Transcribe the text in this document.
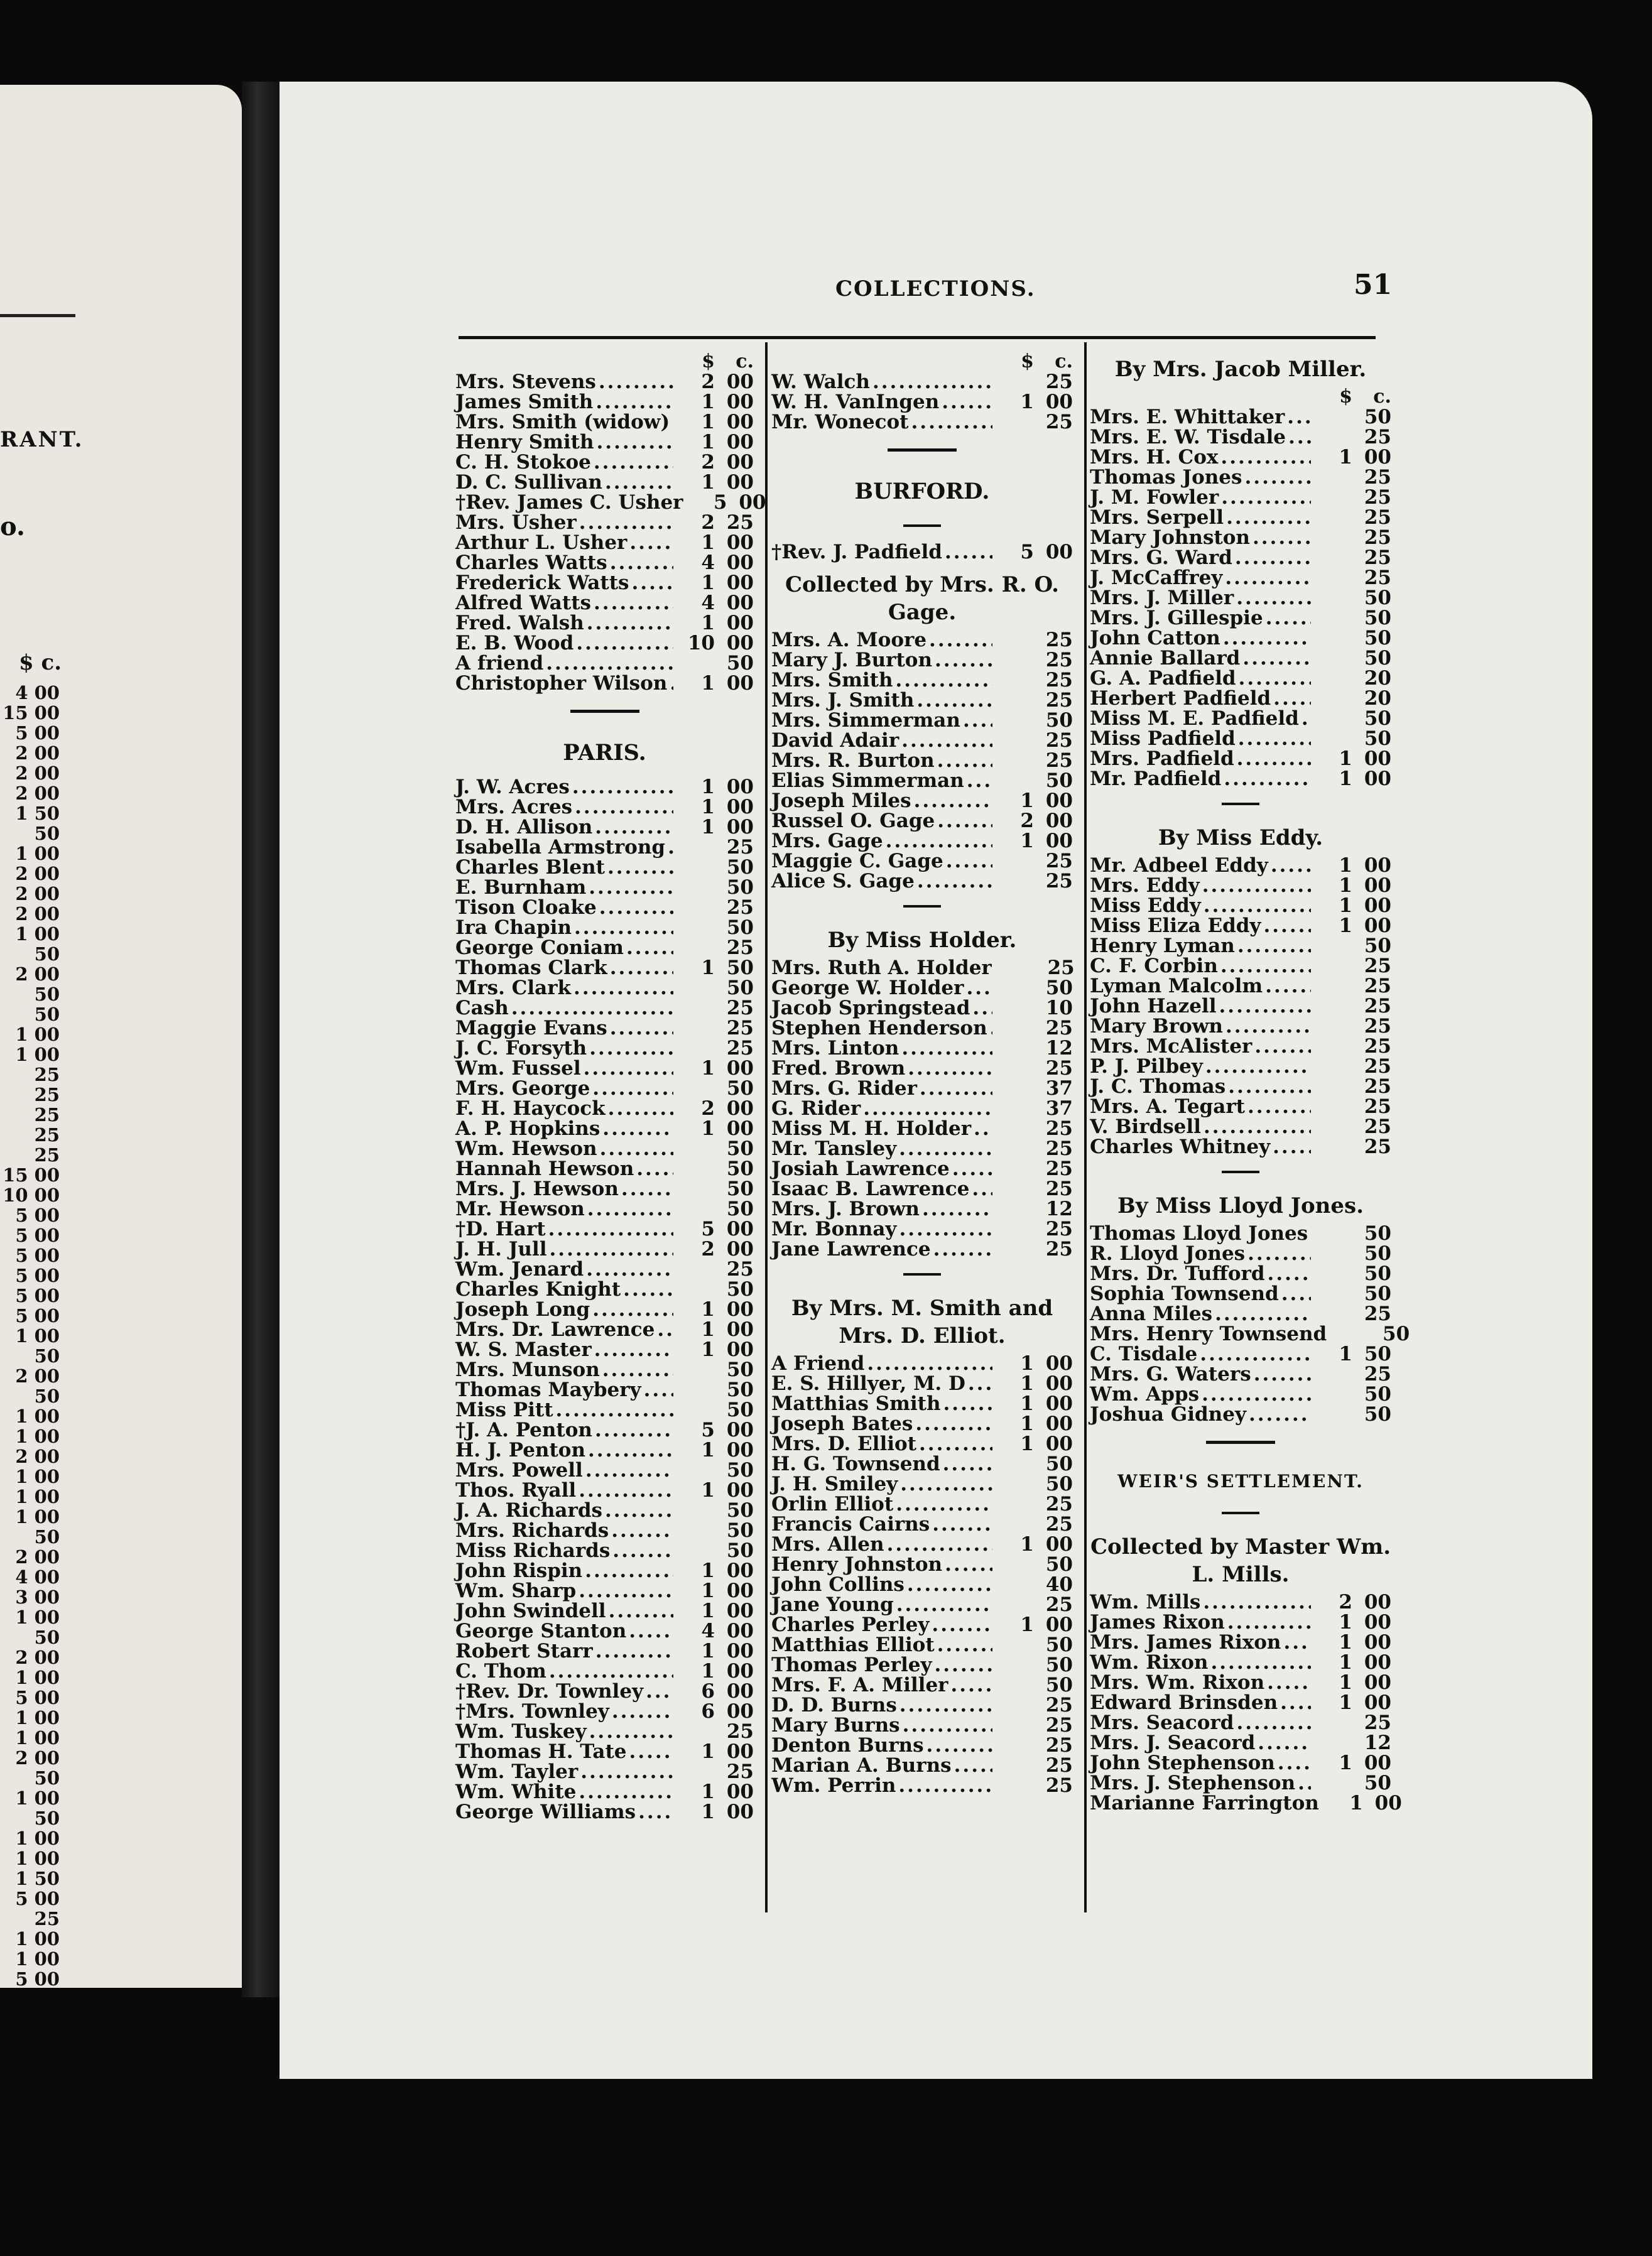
RANT.
o.
$ c.
4 00
15 00
5 00
2 00
2 00
2 00
1 50
50
1 00
2 00
2 00
2 00
1 00
50
2 00
50
50
1 00
1 00
25
25
25
25
25
15 00
10 00
5 00
5 00
5 00
5 00
5 00
5 00
1 00
50
2 00
50
1 00
1 00
2 00
1 00
1 00
1 00
50
2 00
4 00
3 00
1 00
50
2 00
1 00
5 00
1 00
1 00
2 00
50
1 00
50
1 00
1 00
1 50
5 00
25
1 00
1 00
5 00
COLLECTIONS.	51
$	c.
Mrs. Stevens .....	2 00
James Smith .....	1 00
Mrs. Smith (widow) .....	1 00
Henry Smith .....	1 00
C. H. Stokoe .....	2 00
D. C. Sullivan .....	1 00
†Rev. James C. Usher	5 00
Mrs. Usher .....	2 25
Arthur L. Usher .....	1 00
Charles Watts .....	4 00
Frederick Watts .....	1 00
Alfred Watts .....	4 00
Fred. Walsh .....	1 00
E. B. Wood .....	10 00
A friend .....	50
Christopher Wilson .....	1 00
PARIS.
J. W. Acres .....	1 00
Mrs. Acres .....	1 00
D. H. Allison .....	1 00
Isabella Armstrong .....	25
Charles Blent .....	50
E. Burnham .....	50
Tison Cloake .....	25
Ira Chapin .....	50
George Coniam .....	25
Thomas Clark .....	1 50
Mrs. Clark .....	50
Cash .....	25
Maggie Evans .....	25
J. C. Forsyth .....	25
Wm. Fussel .....	1 00
Mrs. George .....	50
F. H. Haycock .....	2 00
A. P. Hopkins .....	1 00
Wm. Hewson .....	50
Hannah Hewson .....	50
Mrs. J. Hewson .....	50
Mr. Hewson .....	50
†D. Hart .....	5 00
J. H. Jull .....	2 00
Wm. Jenard .....	25
Charles Knight .....	50
Joseph Long .....	1 00
Mrs. Dr. Lawrence .....	1 00
W. S. Master .....	1 00
Mrs. Munson .....	50
Thomas Maybery .....	50
Miss Pitt .....	50
†J. A. Penton .....	5 00
H. J. Penton .....	1 00
Mrs. Powell .....	50
Thos. Ryall .....	1 00
J. A. Richards .....	50
Mrs. Richards .....	50
Miss Richards .....	50
John Rispin .....	1 00
Wm. Sharp .....	1 00
John Swindell .....	1 00
George Stanton .....	4 00
Robert Starr .....	1 00
C. Thom .....	1 00
†Rev. Dr. Townley .....	6 00
†Mrs. Townley .....	6 00
Wm. Tuskey .....	25
Thomas H. Tate .....	1 00
Wm. Tayler .....	25
Wm. White .....	1 00
George Williams .....	1 00
$	c.
W. Walch .....	25
W. H. VanIngen .....	1 00
Mr. Wonecot .....	25
BURFORD.
†Rev. J. Padfield .....	5 00
Collected by Mrs. R. O. Gage.
Mrs. A. Moore .....	25
Mary J. Burton .....	25
Mrs. Smith .....	25
Mrs. J. Smith .....	25
Mrs. Simmerman .....	50
David Adair .....	25
Mrs. R. Burton .....	25
Elias Simmerman .....	50
Joseph Miles .....	1 00
Russel O. Gage .....	2 00
Mrs. Gage .....	1 00
Maggie C. Gage .....	25
Alice S. Gage .....	25
By Miss Holder.
Mrs. Ruth A. Holder	25
George W. Holder .....	50
Jacob Springstead .....	10
Stephen Henderson .....	25
Mrs. Linton .....	12
Fred. Brown .....	25
Mrs. G. Rider .....	37
G. Rider .....	37
Miss M. H. Holder .....	25
Mr. Tansley .....	25
Josiah Lawrence .....	25
Isaac B. Lawrence .....	25
Mrs. J. Brown .....	12
Mr. Bonnay .....	25
Jane Lawrence .....	25
By Mrs. M. Smith and Mrs. D. Elliot.
A Friend .....	1 00
E. S. Hillyer, M. D .....	1 00
Matthias Smith .....	1 00
Joseph Bates .....	1 00
Mrs. D. Elliot .....	1 00
H. G. Townsend .....	50
J. H. Smiley .....	50
Orlin Elliot .....	25
Francis Cairns .....	25
Mrs. Allen .....	1 00
Henry Johnston .....	50
John Collins .....	40
Jane Young .....	25
Charles Perley .....	1 00
Matthias Elliot .....	50
Thomas Perley .....	50
Mrs. F. A. Miller .....	50
D. D. Burns .....	25
Mary Burns .....	25
Denton Burns .....	25
Marian A. Burns .....	25
Wm. Perrin .....	25
By Mrs. Jacob Miller.
$	c.
Mrs. E. Whittaker .....	50
Mrs. E. W. Tisdale .....	25
Mrs. H. Cox .....	1 00
Thomas Jones .....	25
J. M. Fowler .....	25
Mrs. Serpell .....	25
Mary Johnston .....	25
Mrs. G. Ward .....	25
J. McCaffrey .....	25
Mrs. J. Miller .....	50
Mrs. J. Gillespie .....	50
John Catton .....	50
Annie Ballard .....	50
G. A. Padfield .....	20
Herbert Padfield .....	20
Miss M. E. Padfield .....	50
Miss Padfield .....	50
Mrs. Padfield .....	1 00
Mr. Padfield .....	1 00
By Miss Eddy.
Mr. Adbeel Eddy .....	1 00
Mrs. Eddy .....	1 00
Miss Eddy .....	1 00
Miss Eliza Eddy .....	1 00
Henry Lyman .....	50
C. F. Corbin .....	25
Lyman Malcolm .....	25
John Hazell .....	25
Mary Brown .....	25
Mrs. McAlister .....	25
P. J. Pilbey .....	25
J. C. Thomas .....	25
Mrs. A. Tegart .....	25
V. Birdsell .....	25
Charles Whitney .....	25
By Miss Lloyd Jones.
Thomas Lloyd Jones .....	50
R. Lloyd Jones .....	50
Mrs. Dr. Tufford .....	50
Sophia Townsend .....	50
Anna Miles .....	25
Mrs. Henry Townsend	50
C. Tisdale .....	1 50
Mrs. G. Waters .....	25
Wm. Apps .....	50
Joshua Gidney .....	50
WEIR'S SETTLEMENT.
Collected by Master Wm. L. Mills.
Wm. Mills .....	2 00
James Rixon .....	1 00
Mrs. James Rixon .....	1 00
Wm. Rixon .....	1 00
Mrs. Wm. Rixon .....	1 00
Edward Brinsden .....	1 00
Mrs. Seacord .....	25
Mrs. J. Seacord .....	12
John Stephenson .....	1 00
Mrs. J. Stephenson .....	50
Marianne Farrington	1 00
